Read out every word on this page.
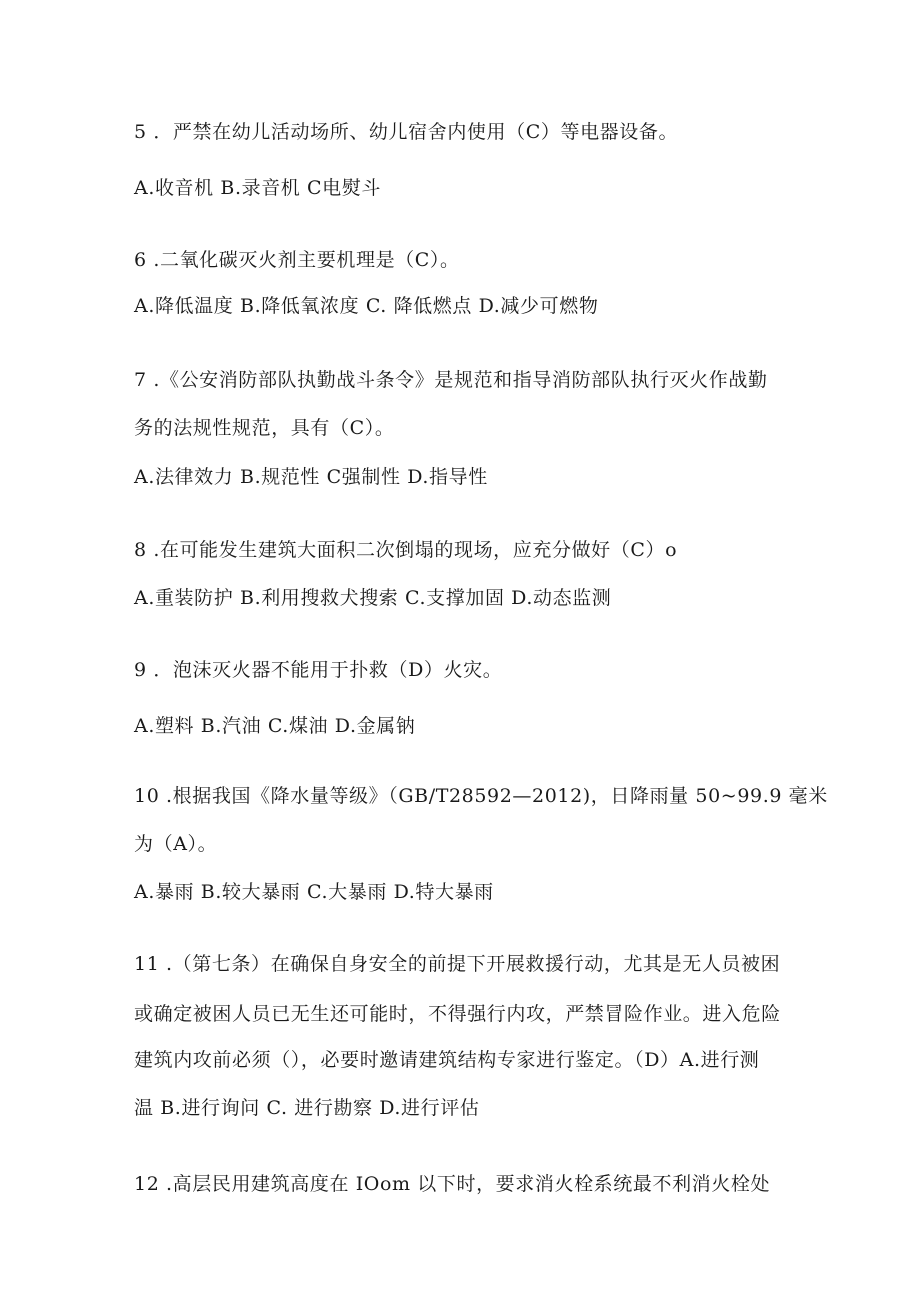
5 ．严禁在幼儿活动场所、幼儿宿舍内使用（C）等电器设备。
A.收音机 B.录音机 C电熨斗
6 .二氧化碳灭火剂主要机理是（C）。
A.降低温度 B.降低氧浓度 C. 降低燃点 D.减少可燃物
7 .《公安消防部队执勤战斗条令》是规范和指导消防部队执行灭火作战勤
务的法规性规范，具有（C）。
A.法律效力 B.规范性 C强制性 D.指导性
8 .在可能发生建筑大面积二次倒塌的现场，应充分做好（C）o
A.重装防护 B.利用搜救犬搜索 C.支撑加固 D.动态监测
9 ．泡沫灭火器不能用于扑救（D）火灾。
A.塑料 B.汽油 C.煤油 D.金属钠
10 .根据我国《降水量等级》（GB/T28592—2012)，日降雨量 50~99.9 毫米
为（A）。
A.暴雨 B.较大暴雨 C.大暴雨 D.特大暴雨
11 .（第七条）在确保自身安全的前提下开展救援行动，尤其是无人员被困
或确定被困人员已无生还可能时，不得强行内攻，严禁冒险作业。进入危险
建筑内攻前必须（），必要时邀请建筑结构专家进行鉴定。（D）A.进行测
温 B.进行询问 C. 进行勘察 D.进行评估
12 .高层民用建筑高度在 IOom 以下时，要求消火栓系统最不利消火栓处
